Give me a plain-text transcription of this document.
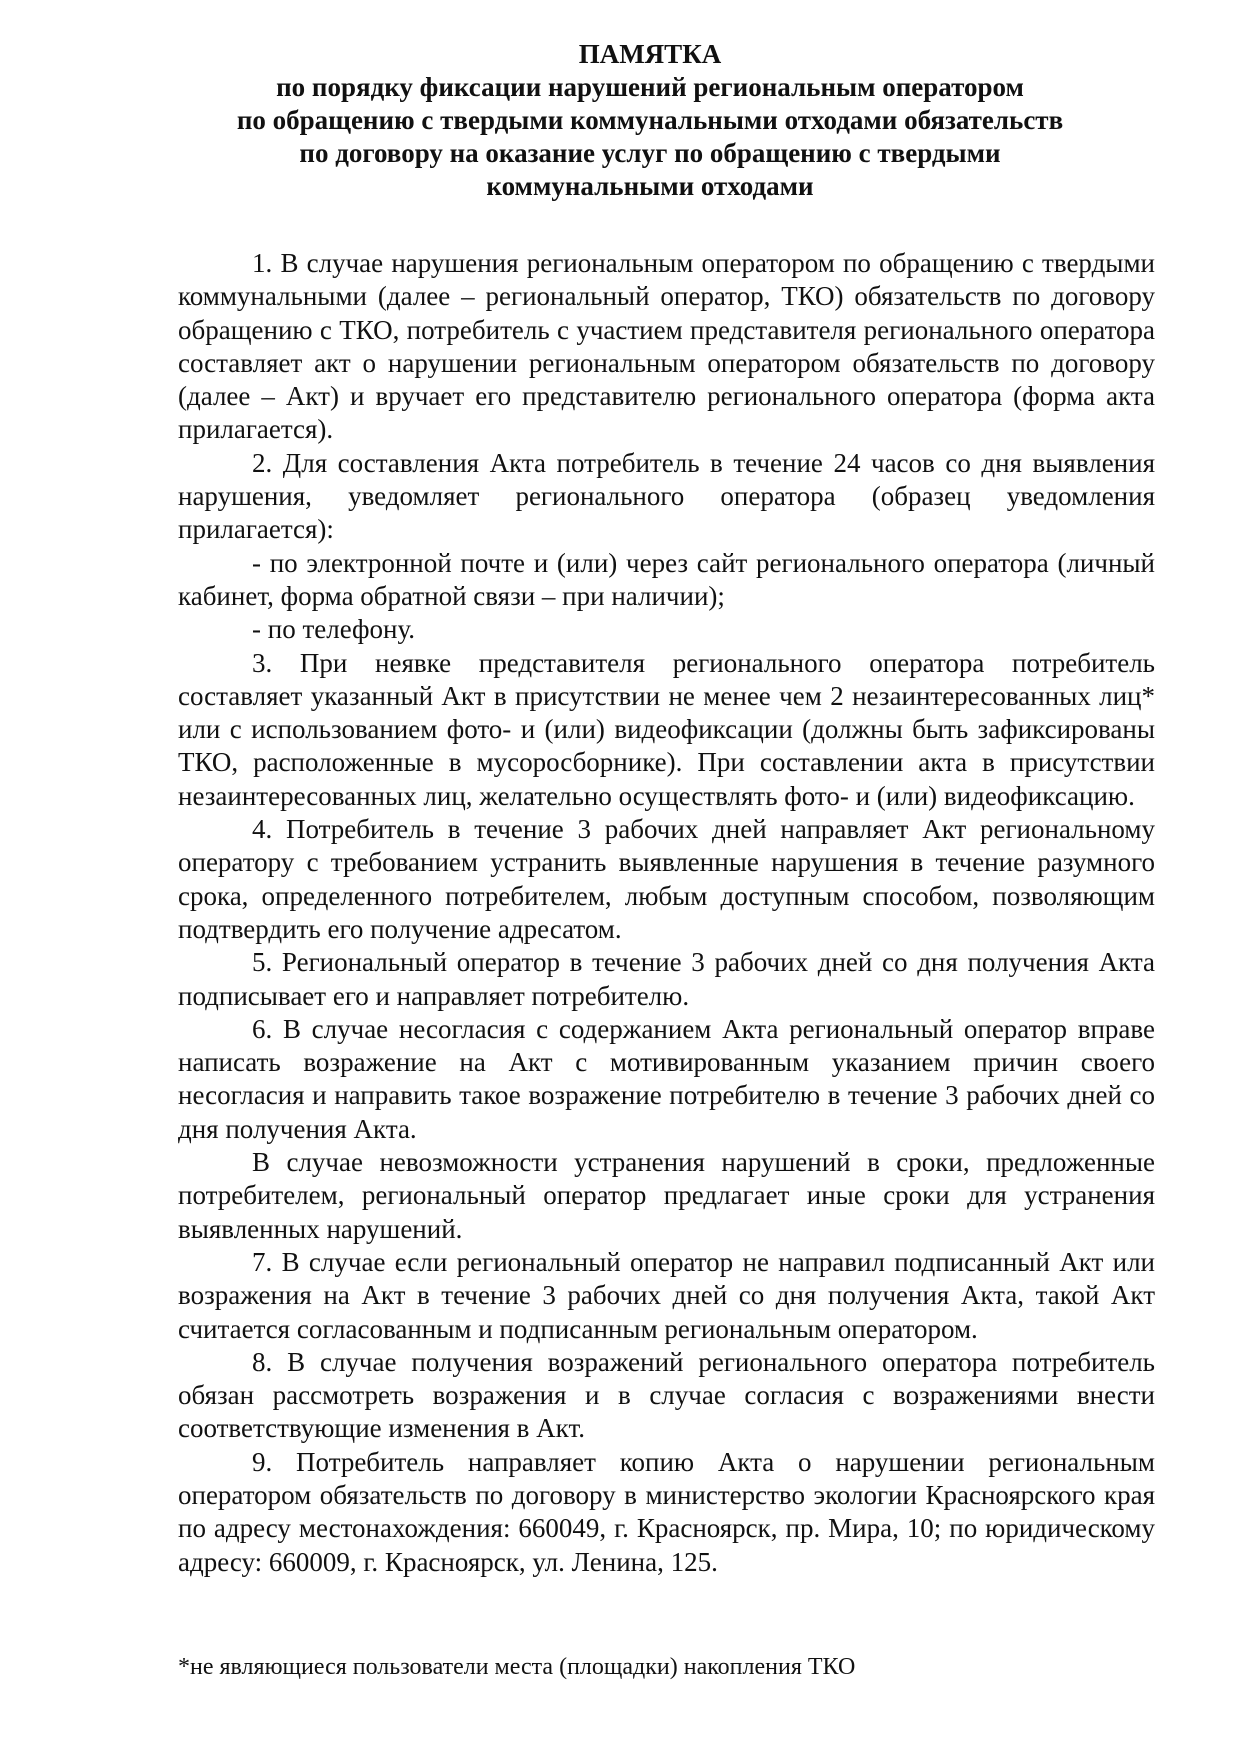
ПАМЯТКА
по порядку фиксации нарушений региональным оператором
по обращению с твердыми коммунальными отходами обязательств
по договору на оказание услуг по обращению с твердыми
коммунальными отходами

1. В случае нарушения региональным оператором по обращению с твердыми коммунальными (далее – региональный оператор, ТКО) обязательств по договору обращению с ТКО, потребитель с участием представителя регионального оператора составляет акт о нарушении региональным оператором обязательств по договору (далее – Акт) и вручает его представителю регионального оператора (форма акта прилагается).

2. Для составления Акта потребитель в течение 24 часов со дня выявления нарушения, уведомляет регионального оператора (образец уведомления прилагается):

- по электронной почте и (или) через сайт регионального оператора (личный кабинет, форма обратной связи – при наличии);

- по телефону.

3. При неявке представителя регионального оператора потребитель составляет указанный Акт в присутствии не менее чем 2 незаинтересованных лиц* или с использованием фото- и (или) видеофиксации (должны быть зафиксированы ТКО, расположенные в мусоросборнике). При составлении акта в присутствии незаинтересованных лиц, желательно осуществлять фото- и (или) видеофиксацию.

4. Потребитель в течение 3 рабочих дней направляет Акт региональному оператору с требованием устранить выявленные нарушения в течение разумного срока, определенного потребителем, любым доступным способом, позволяющим подтвердить его получение адресатом.

5. Региональный оператор в течение 3 рабочих дней со дня получения Акта подписывает его и направляет потребителю.

6. В случае несогласия с содержанием Акта региональный оператор вправе написать возражение на Акт с мотивированным указанием причин своего несогласия и направить такое возражение потребителю в течение 3 рабочих дней со дня получения Акта.

В случае невозможности устранения нарушений в сроки, предложенные потребителем, региональный оператор предлагает иные сроки для устранения выявленных нарушений.

7. В случае если региональный оператор не направил подписанный Акт или возражения на Акт в течение 3 рабочих дней со дня получения Акта, такой Акт считается согласованным и подписанным региональным оператором.

8. В случае получения возражений регионального оператора потребитель обязан рассмотреть возражения и в случае согласия с возражениями внести соответствующие изменения в Акт.

9. Потребитель направляет копию Акта о нарушении региональным оператором обязательств по договору в министерство экологии Красноярского края по адресу местонахождения: 660049, г. Красноярск, пр. Мира, 10; по юридическому адресу: 660009, г. Красноярск, ул. Ленина, 125.

*не являющиеся пользователи места (площадки) накопления ТКО
